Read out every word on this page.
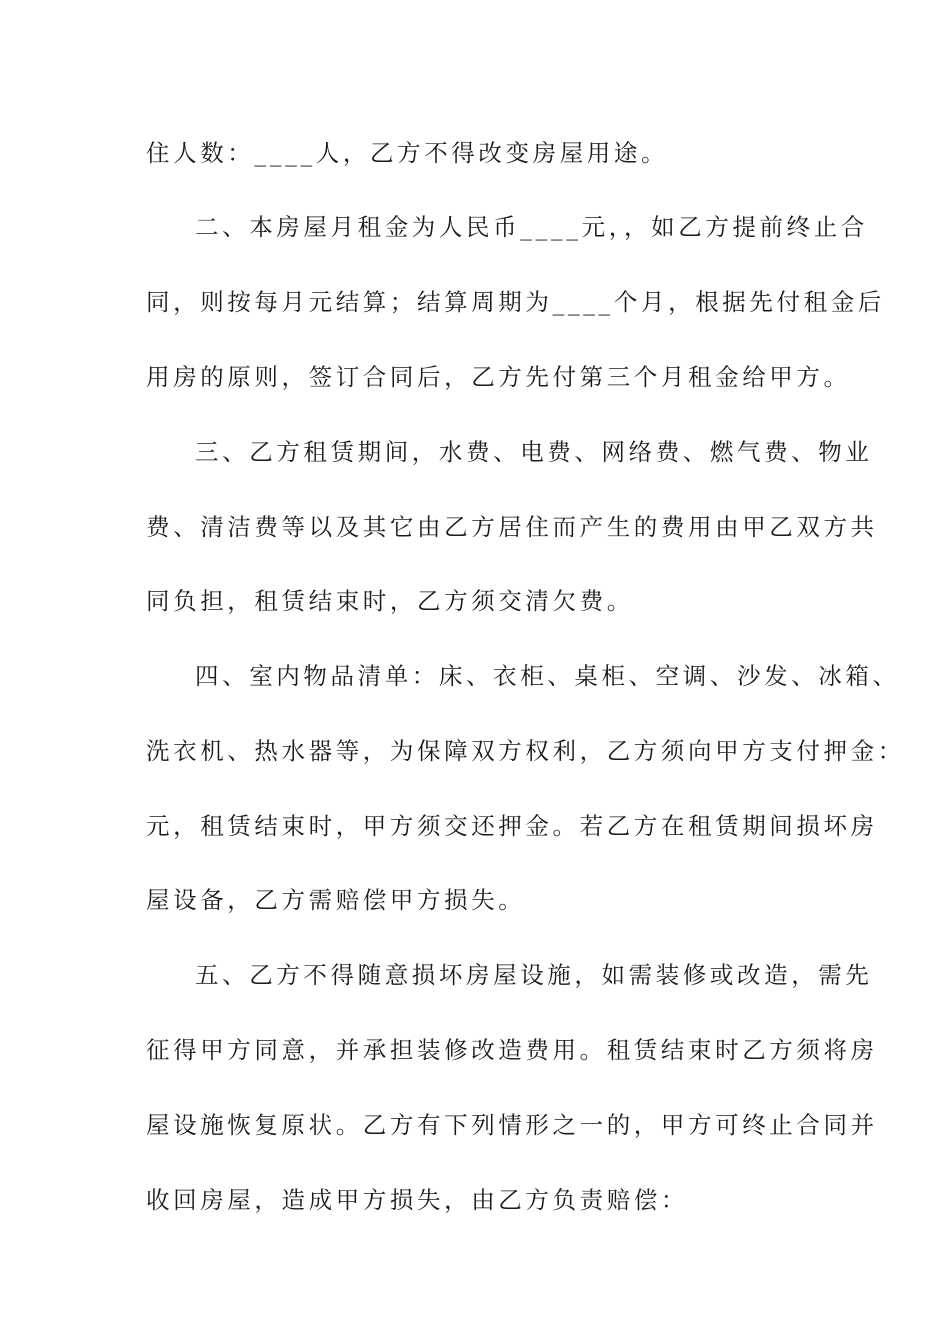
住人数：____人，乙方不得改变房屋用途。
二、本房屋月租金为人民币____元，，如乙方提前终止合
同，则按每月元结算；结算周期为____个月，根据先付租金后
用房的原则，签订合同后，乙方先付第三个月租金给甲方。
三、乙方租赁期间，水费、电费、网络费、燃气费、物业
费、清洁费等以及其它由乙方居住而产生的费用由甲乙双方共
同负担，租赁结束时，乙方须交清欠费。
四、室内物品清单：床、衣柜、桌柜、空调、沙发、冰箱、
洗衣机、热水器等，为保障双方权利，乙方须向甲方支付押金：
元，租赁结束时，甲方须交还押金。若乙方在租赁期间损坏房
屋设备，乙方需赔偿甲方损失。
五、乙方不得随意损坏房屋设施，如需装修或改造，需先
征得甲方同意，并承担装修改造费用。租赁结束时乙方须将房
屋设施恢复原状。乙方有下列情形之一的，甲方可终止合同并
收回房屋，造成甲方损失，由乙方负责赔偿：
